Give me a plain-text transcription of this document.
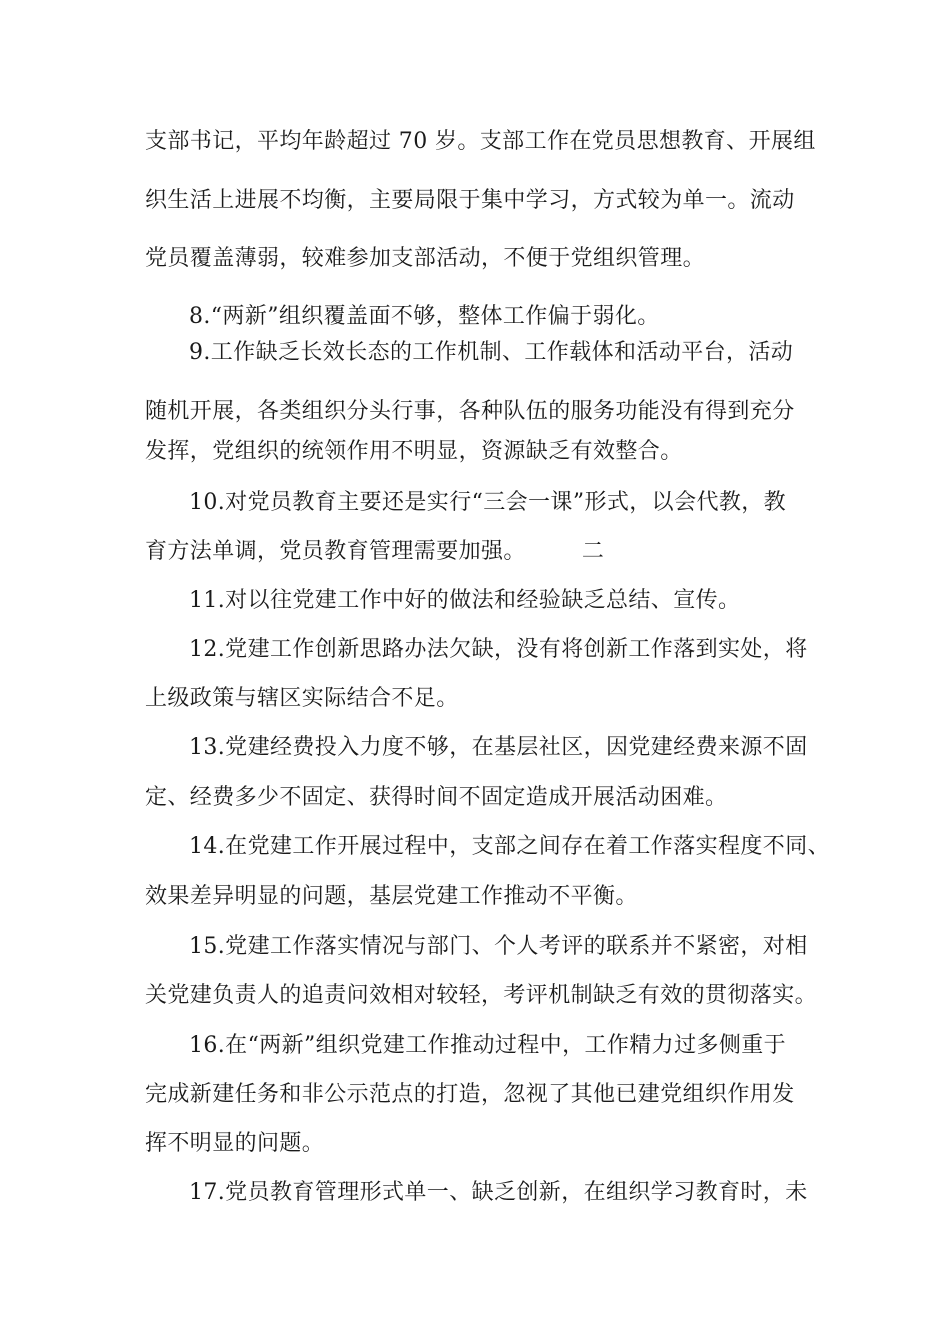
支部书记，平均年龄超过 70 岁。支部工作在党员思想教育、开展组

织生活上进展不均衡，主要局限于集中学习，方式较为单一。流动

党员覆盖薄弱，较难参加支部活动，不便于党组织管理。

8.“两新”组织覆盖面不够，整体工作偏于弱化。

9.工作缺乏长效长态的工作机制、工作载体和活动平台，活动

随机开展，各类组织分头行事，各种队伍的服务功能没有得到充分

发挥，党组织的统领作用不明显，资源缺乏有效整合。

10.对党员教育主要还是实行“三会一课”形式，以会代教，教

育方法单调，党员教育管理需要加强。	二

11.对以往党建工作中好的做法和经验缺乏总结、宣传。

12.党建工作创新思路办法欠缺，没有将创新工作落到实处，将

上级政策与辖区实际结合不足。

13.党建经费投入力度不够，在基层社区，因党建经费来源不固

定、经费多少不固定、获得时间不固定造成开展活动困难。

14.在党建工作开展过程中，支部之间存在着工作落实程度不同、

效果差异明显的问题，基层党建工作推动不平衡。

15.党建工作落实情况与部门、个人考评的联系并不紧密，对相

关党建负责人的追责问效相对较轻，考评机制缺乏有效的贯彻落实。

16.在“两新”组织党建工作推动过程中，工作精力过多侧重于

完成新建任务和非公示范点的打造，忽视了其他已建党组织作用发

挥不明显的问题。

17.党员教育管理形式单一、缺乏创新，在组织学习教育时，未
